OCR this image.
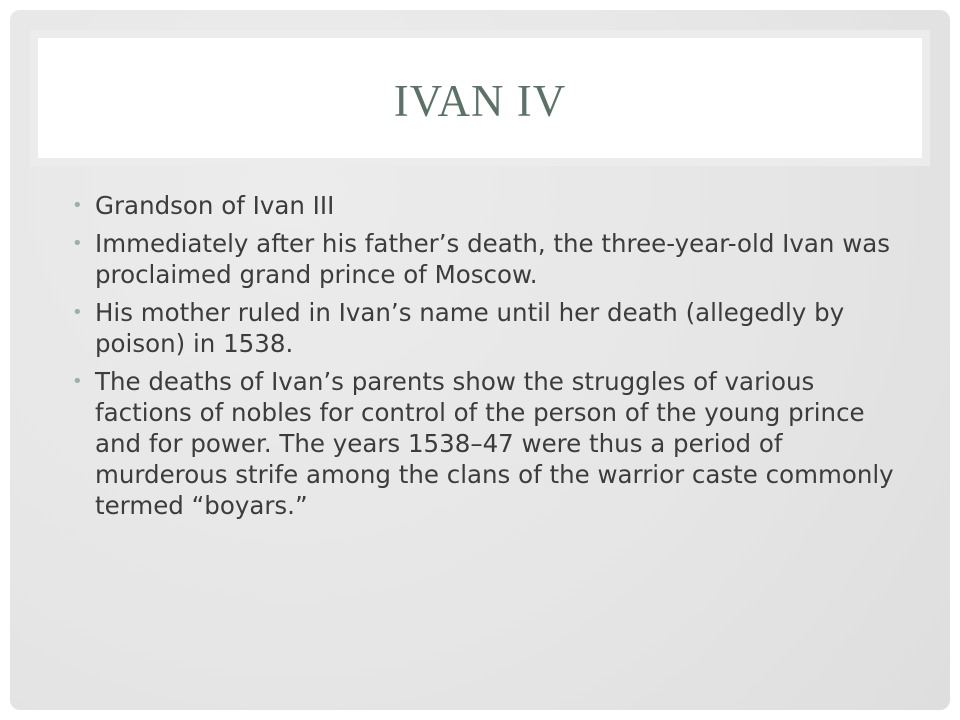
IVAN IV
• Grandson of Ivan III
• Immediately after his father’s death, the three-year-old Ivan was proclaimed grand prince of Moscow.
• His mother ruled in Ivan’s name until her death (allegedly by poison) in 1538.
• The deaths of Ivan’s parents show the struggles of various factions of nobles for control of the person of the young prince and for power. The years 1538–47 were thus a period of murderous strife among the clans of the warrior caste commonly termed “boyars.”
